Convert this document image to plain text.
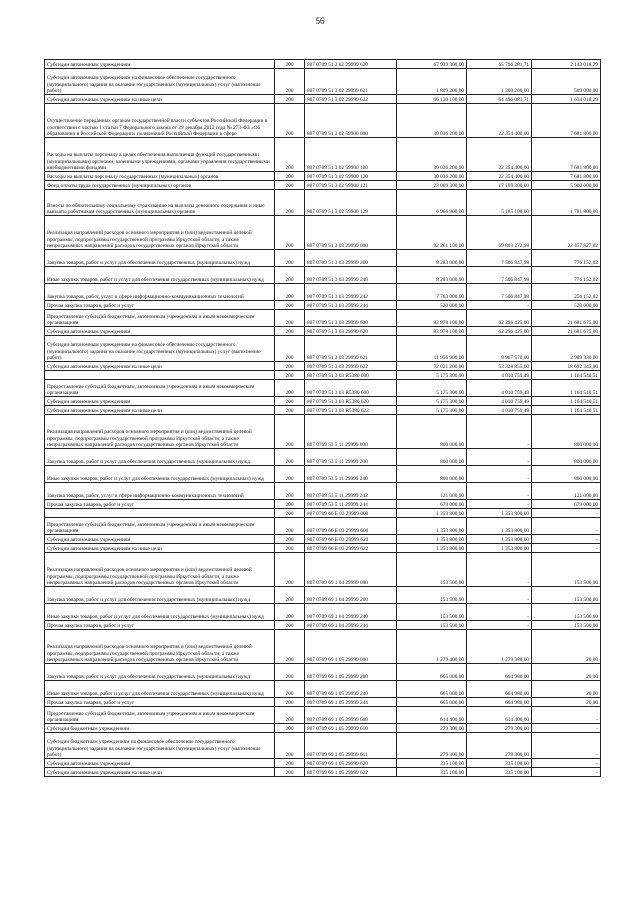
56
Субсидии автономным учреждениям	200	807 0709 51 3 02 29999 620	67 939 300,00	65 796 281,71	2 143 018,29
Субсидии автономным учреждениям на финансовое обеспечение государственного (муниципального) задания на оказание государственных (муниципальных) услуг (выполнение работ)	200	807 0709 51 3 02 29999 621	1 809 200,00	1 300 200,00	509 000,00
Субсидии автономным учреждениям на иные цели	200	807 0709 51 3 02 29999 622	66 130 100,00	64 496 081,71	1 634 018,29
Осуществление переданных органам государственной власти субъектов Российской Федерации в соответствии с частью 1 статьи 7 Федерального закона от 29 декабря 2012 года № 273-ФЗ «Об образовании в Российской Федерации» полномочий Российской Федерации в сфере	200	807 0709 51 3 02 59900 000	30 036 200,00	22 354 400,00	7 681 800,00
Расходы на выплаты персоналу в целях обеспечения выполнения функций государственными (муниципальными) органами, казенными учреждениями, органами управления государственными внебюджетными фондами	200	807 0709 51 3 02 59900 100	30 036 200,00	22 354 400,00	7 681 800,00
Расходы на выплаты персоналу государственных (муниципальных) органов	200	807 0709 51 3 02 59900 120	30 036 200,00	22 354 400,00	7 681 800,00
Фонд оплаты труда государственных (муниципальных) органов	200	807 0709 51 3 02 59900 121	23 069 300,00	17 169 300,00	5 900 000,00
Взносы по обязательному социальному страхованию на выплаты денежного содержания и иные выплаты работникам государственных (муниципальных) органов	200	807 0709 51 3 02 59900 129	6 966 900,00	5 185 100,00	1 781 800,00
Реализация направлений расходов основного мероприятия и (или) ведомственной целевой программы, подпрограммы государственной программы Иркутской области, а также непрограммных направлений расходов государственных органов Иркутской области	200	807 0709 51 3 03 29999 000	92 261 100,00	69 803 272,98	22 457 827,02
Закупка товаров, работ и услуг для обеспечения государственных (муниципальных) нужд	200	807 0709 51 3 03 29999 200	8 283 000,00	7 506 847,98	776 152,02
Иные закупки товаров, работ и услуг для обеспечения государственных (муниципальных) нужд	200	807 0709 51 3 03 29999 240	8 283 000,00	7 506 847,98	776 152,02
Закупка товаров, работ, услуг в сфере информационно-коммуникационных технологий	200	807 0709 51 3 03 29999 242	7 763 000,00	7 506 847,98	256 152,02
Прочая закупка товаров, работ и услуг	200	807 0709 51 3 03 29999 244	520 000,00	-	520 000,00
Предоставление субсидий бюджетным, автономным учреждениям и иным некоммерческим организациям	200	807 0709 51 3 03 29999 600	83 978 100,00	62 296 425,00	21 681 675,00
Субсидии автономным учреждениям	200	807 0709 51 3 03 29999 620	83 978 100,00	62 296 425,00	21 681 675,00
Субсидии автономным учреждениям на финансовое обеспечение государственного (муниципального) задания на оказание государственных (муниципальных) услуг (выполнение работ)	200	807 0709 51 3 03 29999 621	11 956 900,00	8 967 570,00	2 989 330,00
Субсидии автономным учреждениям на иные цели	200	807 0709 51 3 03 29999 622	72 021 200,00	53 328 855,00	18 692 345,00
	200	807 0709 51 3 03 R5380 000	5 175 300,00	4 010 759,49	1 164 540,51
Предоставление субсидий бюджетным, автономным учреждениям и иным некоммерческим организациям	200	807 0709 51 3 03 R5380 600	5 175 300,00	4 010 759,49	1 164 540,51
Субсидии автономным учреждениям	200	807 0709 51 3 03 R5380 620	5 175 300,00	4 010 759,49	1 164 540,51
Субсидии автономным учреждениям на иные цели	200	807 0709 51 3 03 R5380 622	5 175 300,00	4 010 759,49	1 164 540,51
Реализация направлений расходов основного мероприятия и (или) ведомственной целевой программы, подпрограммы государственной программы Иркутской области, а также непрограммных направлений расходов государственных органов Иркутской области	200	807 0709 53 5 11 29999 000	800 000,00	-	800 000,00
Закупка товаров, работ и услуг для обеспечения государственных (муниципальных) нужд	200	807 0709 53 5 11 29999 200	800 000,00	-	800 000,00
Иные закупки товаров, работ и услуг для обеспечения государственных (муниципальных) нужд	200	807 0709 53 5 11 29999 240	800 000,00	-	800 000,00
Закупка товаров, работ, услуг в сфере информационно-коммуникационных технологий	200	807 0709 53 5 11 29999 242	121 000,00	-	121 000,00
Прочая закупка товаров, работ и услуг	200	807 0709 53 5 11 29999 244	679 000,00	-	679 000,00
	200	807 0709 66 Б 03 29999 000	1 353 800,00	1 353 800,00	-
Предоставление субсидий бюджетным, автономным учреждениям и иным некоммерческим организациям	200	807 0709 66 Б 03 29999 600	1 353 800,00	1 353 800,00	-
Субсидии автономным учреждениям	200	807 0709 66 Б 03 29999 620	1 353 800,00	1 353 800,00	-
Субсидии автономным учреждениям на иные цели	200	807 0709 66 Б 03 29999 622	1 353 800,00	1 353 800,00	-
Реализация направлений расходов основного мероприятия и (или) ведомственной целевой программы, подпрограммы государственной программы Иркутской области, а также непрограммных направлений расходов государственных органов Иркутской области	200	807 0709 69 1 04 29999 000	153 500,00	-	153 500,00
Закупка товаров, работ и услуг для обеспечения государственных (муниципальных) нужд	200	807 0709 69 1 04 29999 200	153 500,00	-	153 500,00
Иные закупки товаров, работ и услуг для обеспечения государственных (муниципальных) нужд	200	807 0709 69 1 04 29999 240	153 500,00	-	153 500,00
Прочая закупка товаров, работ и услуг	200	807 0709 69 1 04 29999 244	153 500,00	-	153 500,00
Реализация направлений расходов основного мероприятия и (или) ведомственной целевой программы, подпрограммы государственной программы Иркутской области, а также непрограммных направлений расходов государственных органов Иркутской области	200	807 0709 69 1 05 29999 000	1 279 400,00	1 279 380,00	20,00
Закупка товаров, работ и услуг для обеспечения государственных (муниципальных) нужд	200	807 0709 69 1 05 29999 200	665 000,00	664 980,00	20,00
Иные закупки товаров, работ и услуг для обеспечения государственных (муниципальных) нужд	200	807 0709 69 1 05 29999 240	665 000,00	664 980,00	20,00
Прочая закупка товаров, работ и услуг	200	807 0709 69 1 05 29999 244	665 000,00	664 980,00	20,00
Предоставление субсидий бюджетным, автономным учреждениям и иным некоммерческим организациям	200	807 0709 69 1 05 29999 600	614 400,00	614 400,00	-
Субсидии бюджетным учреждениям	200	807 0709 69 1 05 29999 610	279 300,00	279 300,00	-
Субсидии бюджетным учреждениям на финансовое обеспечение государственного (муниципального) задания на оказание государственных (муниципальных) услуг (выполнение работ)	200	807 0709 69 1 05 29999 611	279 300,00	279 300,00	-
Субсидии автономным учреждениям	200	807 0709 69 1 05 29999 620	335 100,00	335 100,00	-
Субсидии автономным учреждениям на иные цели	200	807 0709 69 1 05 29999 622	335 100,00	335 100,00	-
